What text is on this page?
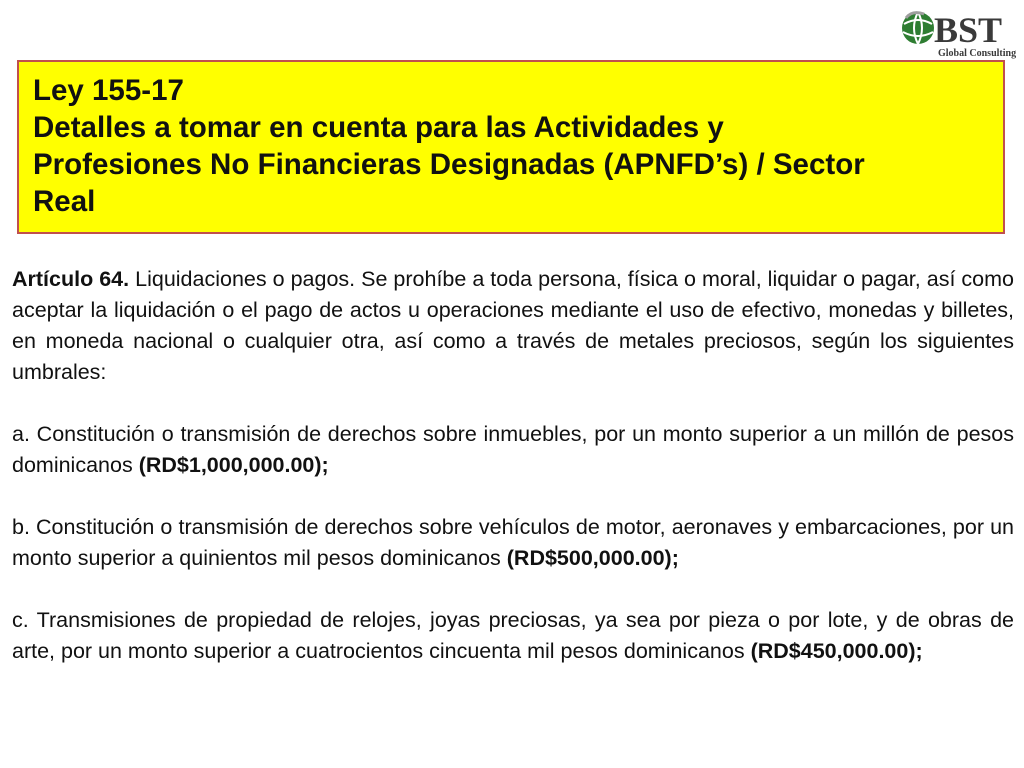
BST
Global Consulting
Ley 155-17
Detalles a tomar en cuenta para las Actividades y
Profesiones No Financieras Designadas (APNFD’s) / Sector
Real

Artículo 64. Liquidaciones o pagos. Se prohíbe a toda persona, física o moral, liquidar o pagar, así como aceptar la liquidación o el pago de actos u operaciones mediante el uso de efectivo, monedas y billetes, en moneda nacional o cualquier otra, así como a través de metales preciosos, según los siguientes umbrales:

a. Constitución o transmisión de derechos sobre inmuebles, por un monto superior a un millón de pesos dominicanos (RD$1,000,000.00);

b. Constitución o transmisión de derechos sobre vehículos de motor, aeronaves y embarcaciones, por un monto superior a quinientos mil pesos dominicanos (RD$500,000.00);

c. Transmisiones de propiedad de relojes, joyas preciosas, ya sea por pieza o por lote, y de obras de arte, por un monto superior a cuatrocientos cincuenta mil pesos dominicanos (RD$450,000.00);
